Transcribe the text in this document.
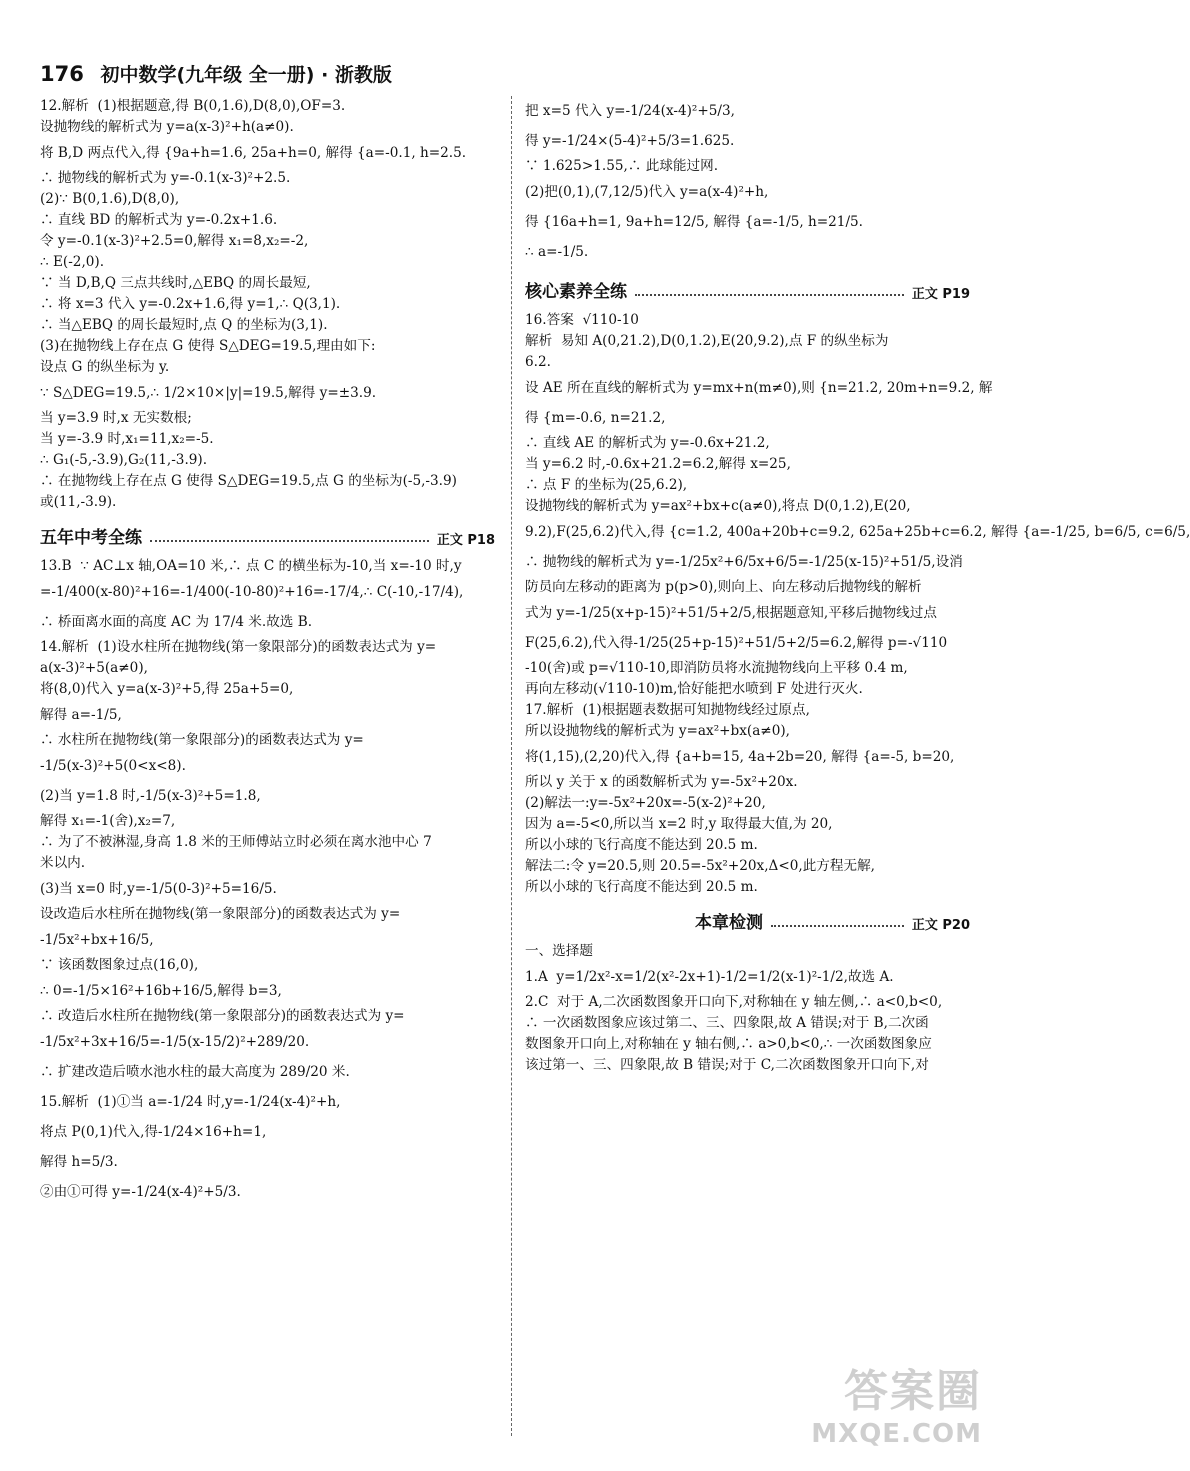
176 初中数学(九年级 全一册) · 浙教版
12.解析  (1)根据题意,得 B(0,1.6),D(8,0),OF=3.
设抛物线的解析式为 y=a(x-3)²+h(a≠0).
将 B,D 两点代入,得 {9a+h=1.6, 25a+h=0, 解得 {a=-0.1, h=2.5.
∴ 抛物线的解析式为 y=-0.1(x-3)²+2.5.
(2)∵ B(0,1.6),D(8,0),
∴ 直线 BD 的解析式为 y=-0.2x+1.6.
令 y=-0.1(x-3)²+2.5=0,解得 x₁=8,x₂=-2,
∴ E(-2,0).
∵ 当 D,B,Q 三点共线时,△EBQ 的周长最短,
∴ 将 x=3 代入 y=-0.2x+1.6,得 y=1,∴ Q(3,1).
∴ 当△EBQ 的周长最短时,点 Q 的坐标为(3,1).
(3)在抛物线上存在点 G 使得 S△DEG=19.5,理由如下:
设点 G 的纵坐标为 y.
∵ S△DEG=19.5,∴ 1/2×10×|y|=19.5,解得 y=±3.9.
当 y=3.9 时,x 无实数根;
当 y=-3.9 时,x₁=11,x₂=-5.
∴ G₁(-5,-3.9),G₂(11,-3.9).
∴ 在抛物线上存在点 G 使得 S△DEG=19.5,点 G 的坐标为(-5,-3.9)
或(11,-3.9).
五年中考全练	正文 P18
13.B  ∵ AC⊥x 轴,OA=10 米,∴ 点 C 的横坐标为-10,当 x=-10 时,y
=-1/400(x-80)²+16=-1/400(-10-80)²+16=-17/4,∴ C(-10,-17/4),
∴ 桥面离水面的高度 AC 为 17/4 米.故选 B.
14.解析  (1)设水柱所在抛物线(第一象限部分)的函数表达式为 y=
a(x-3)²+5(a≠0),
将(8,0)代入 y=a(x-3)²+5,得 25a+5=0,
解得 a=-1/5,
∴ 水柱所在抛物线(第一象限部分)的函数表达式为 y=
-1/5(x-3)²+5(0<x<8).
(2)当 y=1.8 时,-1/5(x-3)²+5=1.8,
解得 x₁=-1(舍),x₂=7,
∴ 为了不被淋湿,身高 1.8 米的王师傅站立时必须在离水池中心 7
米以内.
(3)当 x=0 时,y=-1/5(0-3)²+5=16/5.
设改造后水柱所在抛物线(第一象限部分)的函数表达式为 y=
-1/5x²+bx+16/5,
∵ 该函数图象过点(16,0),
∴ 0=-1/5×16²+16b+16/5,解得 b=3,
∴ 改造后水柱所在抛物线(第一象限部分)的函数表达式为 y=
-1/5x²+3x+16/5=-1/5(x-15/2)²+289/20.
∴ 扩建改造后喷水池水柱的最大高度为 289/20 米.
15.解析  (1)①当 a=-1/24 时,y=-1/24(x-4)²+h,
将点 P(0,1)代入,得-1/24×16+h=1,
解得 h=5/3.
②由①可得 y=-1/24(x-4)²+5/3.
把 x=5 代入 y=-1/24(x-4)²+5/3,
得 y=-1/24×(5-4)²+5/3=1.625.
∵ 1.625>1.55,∴ 此球能过网.
(2)把(0,1),(7,12/5)代入 y=a(x-4)²+h,
得 {16a+h=1, 9a+h=12/5, 解得 {a=-1/5, h=21/5.
∴ a=-1/5.
核心素养全练	正文 P19
16.答案  √110-10
解析  易知 A(0,21.2),D(0,1.2),E(20,9.2),点 F 的纵坐标为
6.2.
设 AE 所在直线的解析式为 y=mx+n(m≠0),则 {n=21.2, 20m+n=9.2, 解
得 {m=-0.6, n=21.2,
∴ 直线 AE 的解析式为 y=-0.6x+21.2,
当 y=6.2 时,-0.6x+21.2=6.2,解得 x=25,
∴ 点 F 的坐标为(25,6.2),
设抛物线的解析式为 y=ax²+bx+c(a≠0),将点 D(0,1.2),E(20,
9.2),F(25,6.2)代入,得 {c=1.2, 400a+20b+c=9.2, 625a+25b+c=6.2, 解得 {a=-1/25, b=6/5, c=6/5,
∴ 抛物线的解析式为 y=-1/25x²+6/5x+6/5=-1/25(x-15)²+51/5,设消
防员向左移动的距离为 p(p>0),则向上、向左移动后抛物线的解析
式为 y=-1/25(x+p-15)²+51/5+2/5,根据题意知,平移后抛物线过点
F(25,6.2),代入得-1/25(25+p-15)²+51/5+2/5=6.2,解得 p=-√110
-10(舍)或 p=√110-10,即消防员将水流抛物线向上平移 0.4 m,
再向左移动(√110-10)m,恰好能把水喷到 F 处进行灭火.
17.解析  (1)根据题表数据可知抛物线经过原点,
所以设抛物线的解析式为 y=ax²+bx(a≠0),
将(1,15),(2,20)代入,得 {a+b=15, 4a+2b=20, 解得 {a=-5, b=20,
所以 y 关于 x 的函数解析式为 y=-5x²+20x.
(2)解法一:y=-5x²+20x=-5(x-2)²+20,
因为 a=-5<0,所以当 x=2 时,y 取得最大值,为 20,
所以小球的飞行高度不能达到 20.5 m.
解法二:令 y=20.5,则 20.5=-5x²+20x,Δ<0,此方程无解,
所以小球的飞行高度不能达到 20.5 m.
本章检测	正文 P20
一、选择题
1.A  y=1/2x²-x=1/2(x²-2x+1)-1/2=1/2(x-1)²-1/2,故选 A.
2.C  对于 A,二次函数图象开口向下,对称轴在 y 轴左侧,∴ a<0,b<0,
∴ 一次函数图象应该过第二、三、四象限,故 A 错误;对于 B,二次函
数图象开口向上,对称轴在 y 轴右侧,∴ a>0,b<0,∴ 一次函数图象应
该过第一、三、四象限,故 B 错误;对于 C,二次函数图象开口向下,对
答案圈
MXQE.COM
